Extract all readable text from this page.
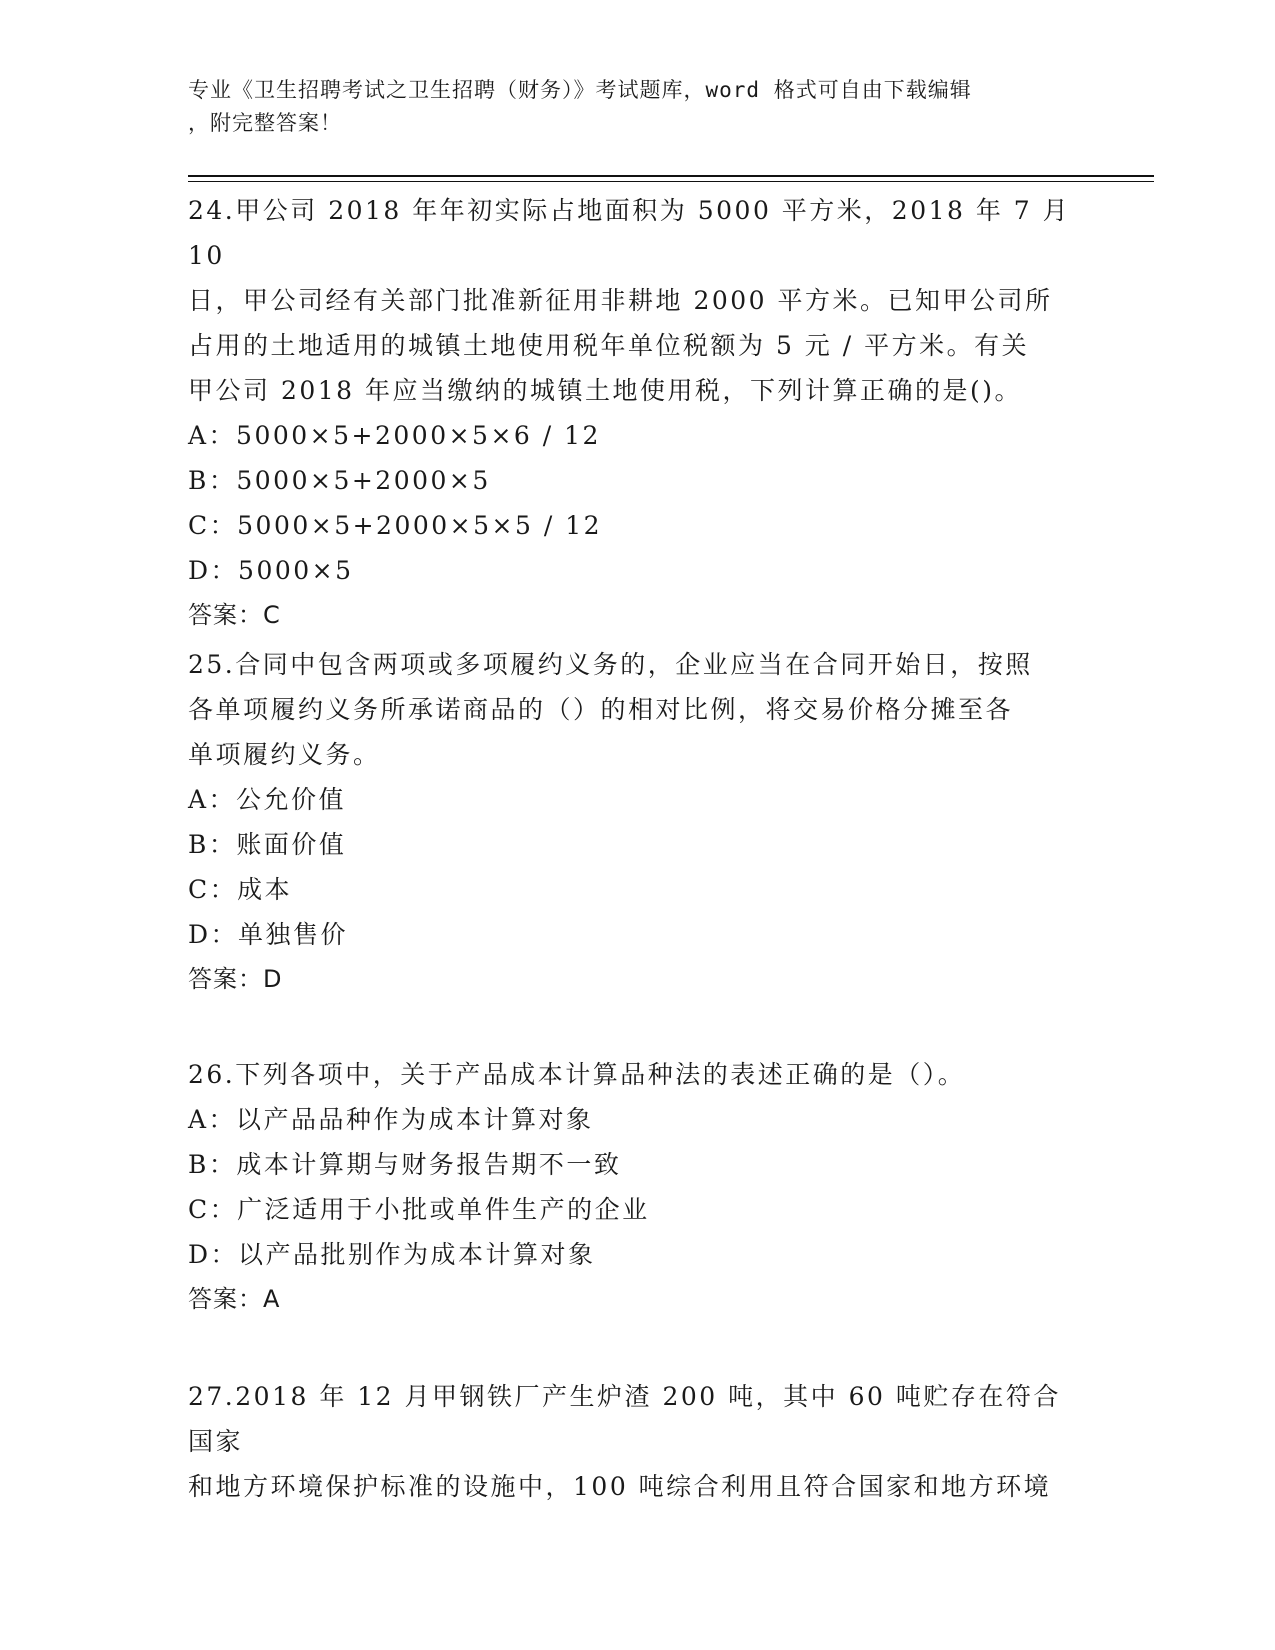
专业《卫生招聘考试之卫生招聘（财务）》考试题库，word 格式可自由下载编辑
，附完整答案！
24.甲公司 2018 年年初实际占地面积为 5000 平方米，2018 年 7 月 10
日，甲公司经有关部门批准新征用非耕地 2000 平方米。已知甲公司所
占用的土地适用的城镇土地使用税年单位税额为 5 元 / 平方米。有关
甲公司 2018 年应当缴纳的城镇土地使用税，下列计算正确的是()。
A：5000×5+2000×5×6 / 12
B：5000×5+2000×5
C：5000×5+2000×5×5 / 12
D：5000×5
答案：C
25.合同中包含两项或多项履约义务的，企业应当在合同开始日，按照
各单项履约义务所承诺商品的（）的相对比例，将交易价格分摊至各
单项履约义务。
A：公允价值
B：账面价值
C：成本
D：单独售价
答案：D
26.下列各项中，关于产品成本计算品种法的表述正确的是（）。
A：以产品品种作为成本计算对象
B：成本计算期与财务报告期不一致
C：广泛适用于小批或单件生产的企业
D：以产品批别作为成本计算对象
答案：A
27.2018 年 12 月甲钢铁厂产生炉渣 200 吨，其中 60 吨贮存在符合国家
和地方环境保护标准的设施中，100 吨综合利用且符合国家和地方环境
